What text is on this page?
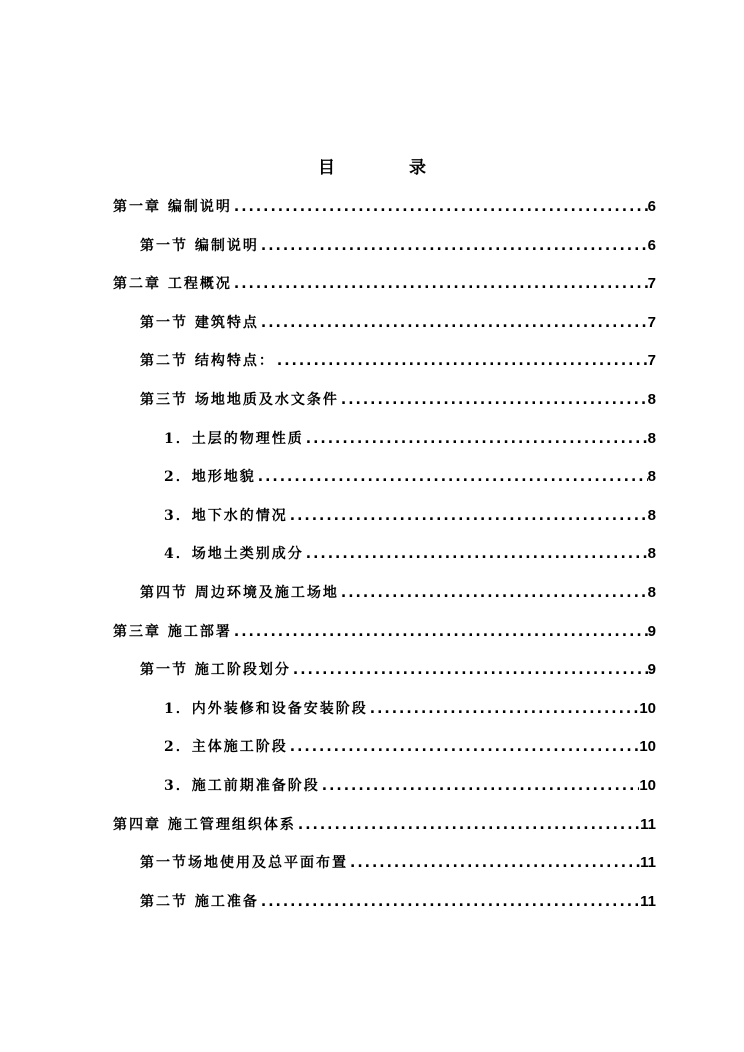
目 录
第一章 编制说明 .....	6
第一节 编制说明 .....	6
第二章 工程概况 .....	7
第一节 建筑特点 .....	7
第二节 结构特点： .....	7
第三节 场地地质及水文条件 .....	8
1．土层的物理性质 .....	8
2．地形地貌 .....	8
3．地下水的情况 .....	8
4．场地土类别成分 .....	8
第四节 周边环境及施工场地 .....	8
第三章 施工部署 .....	9
第一节 施工阶段划分 .....	9
1．内外装修和设备安装阶段 .....	10
2．主体施工阶段 .....	10
3．施工前期准备阶段 .....	10
第四章 施工管理组织体系 .....	11
第一节场地使用及总平面布置 .....	11
第二节 施工准备 .....	11
